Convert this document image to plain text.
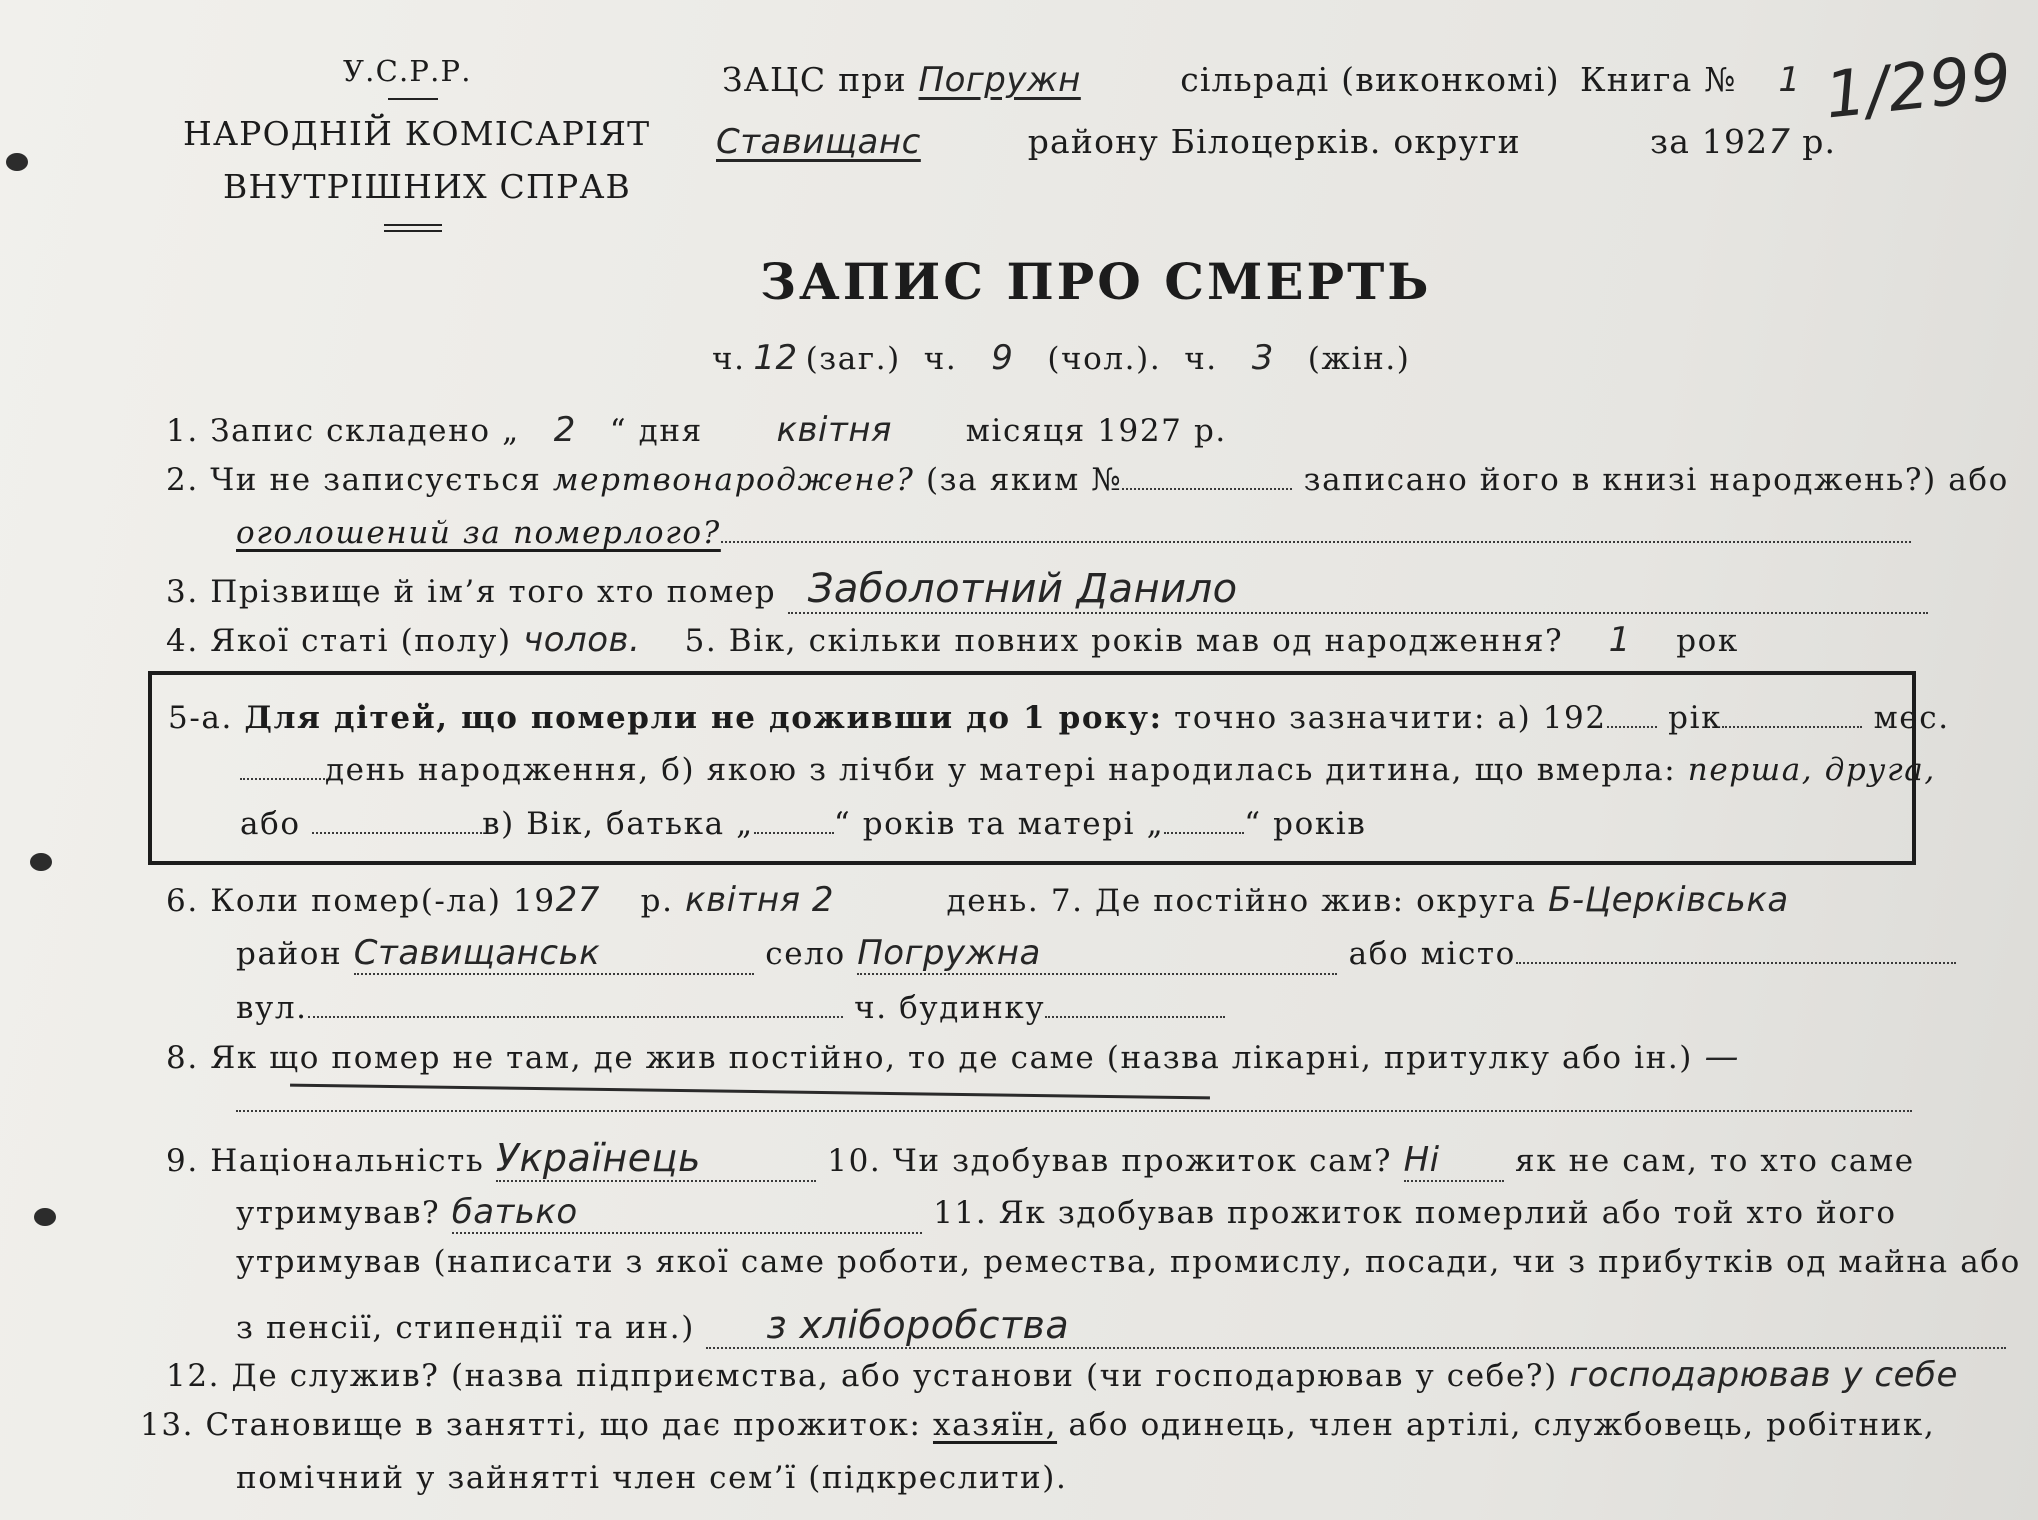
У.С.Р.Р.
НАРОДНІЙ КОМІСАРІЯТ
ВНУТРІШНИХ СПРАВ
ЗАЦС при Погружн	сільраді (виконкомі)
Ставищанс	району Білоцерків. округи
Книга № 1
за 1927 р.
1/299
ЗАПИС ПРО СМЕРТЬ
ч. 12 (заг.) ч. 9 (чол.). ч. 3 (жін.)
1. Запис складено „ 2 “ дня квітня місяця 1927 р.
2. Чи не записується мертвонароджене? (за яким №	записано його в книзі народжень?) або
оголошений за померлого?
3. Прізвище й ім’я того хто помер Заболотний Данило
4. Якої статі (полу) чолов. 5. Вік, скільки повних років мав од народження? 1 рок
5-а. Для дітей, що померли не доживши до 1 року: точно зазначити: а) 192 рік	мес.
день народження, б) якою з лічби у матері народилась дитина, що вмерла: перша, друга,
або	в) Вік, батька „	“ років та матері „	“ років
6. Коли помер(-ла) 1927 р. квітня 2	день. 7. Де постійно жив: округа Б-Церківська
район Ставищанськ	село Погружна	або місто
вул.	ч. будинку
8. Як що помер не там, де жив постійно, то де саме (назва лікарні, притулку або ін.) —
9. Національність Українець	10. Чи здобував прожиток сам? Ні як не сам, то хто саме
утримував? батько	11. Як здобував прожиток померлий або той хто його
утримував (написати з якої саме роботи, ремества, промислу, посади, чи з прибутків од майна або
з пенсії, стипендії та ин.) з хліборобства
12. Де служив? (назва підприємства, або установи (чи господарював у себе?) господарював у себе
13. Становище в занятті, що дає прожиток: хазяїн, або одинець, член артілі, службовець, робітник,
помічний у зайнятті член сем’ї (підкреслити).
